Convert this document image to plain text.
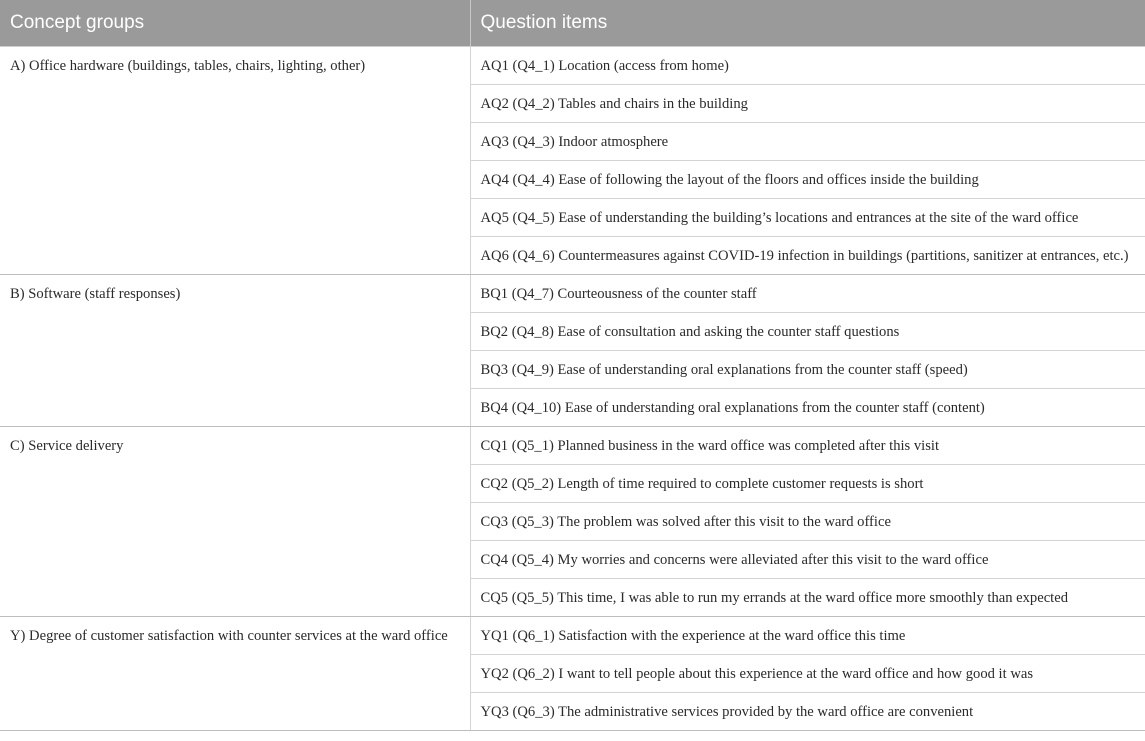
Concept groups	Question items
A) Office hardware (buildings, tables, chairs, lighting, other)	AQ1 (Q4_1) Location (access from home)
	AQ2 (Q4_2) Tables and chairs in the building
	AQ3 (Q4_3) Indoor atmosphere
	AQ4 (Q4_4) Ease of following the layout of the floors and offices inside the building
	AQ5 (Q4_5) Ease of understanding the building’s locations and entrances at the site of the ward office
	AQ6 (Q4_6) Countermeasures against COVID-19 infection in buildings (partitions, sanitizer at entrances, etc.)
B) Software (staff responses)	BQ1 (Q4_7) Courteousness of the counter staff
	BQ2 (Q4_8) Ease of consultation and asking the counter staff questions
	BQ3 (Q4_9) Ease of understanding oral explanations from the counter staff (speed)
	BQ4 (Q4_10) Ease of understanding oral explanations from the counter staff (content)
C) Service delivery	CQ1 (Q5_1) Planned business in the ward office was completed after this visit
	CQ2 (Q5_2) Length of time required to complete customer requests is short
	CQ3 (Q5_3) The problem was solved after this visit to the ward office
	CQ4 (Q5_4) My worries and concerns were alleviated after this visit to the ward office
	CQ5 (Q5_5) This time, I was able to run my errands at the ward office more smoothly than expected
Y) Degree of customer satisfaction with counter services at the ward office	YQ1 (Q6_1) Satisfaction with the experience at the ward office this time
	YQ2 (Q6_2) I want to tell people about this experience at the ward office and how good it was
	YQ3 (Q6_3) The administrative services provided by the ward office are convenient
